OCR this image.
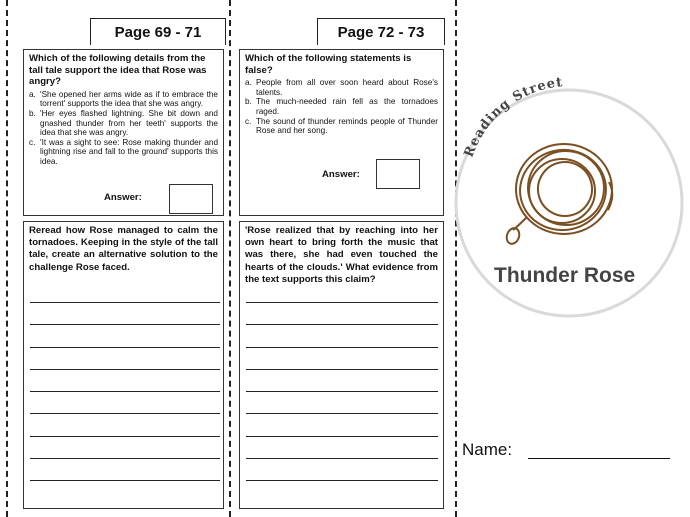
Page 69 - 71
Which of the following details from the tall tale support the idea that Rose was angry?
a. 'She opened her arms wide as if to embrace the torrent' supports the idea that she was angry.
b. 'Her eyes flashed lightning. She bit down and gnashed thunder from her teeth' supports the idea that she was angry.
c. 'It was a sight to see: Rose making thunder and lightning rise and fall to the ground' supports this idea.
Answer:
Reread how Rose managed to calm the tornadoes. Keeping in the style of the tall tale, create an alternative solution to the challenge Rose faced.
Page 72 - 73
Which of the following statements is false?
a. People from all over soon heard about Rose's talents.
b. The much-needed rain fell as the tornadoes raged.
c. The sound of thunder reminds people of Thunder Rose and her song.
Answer:
'Rose realized that by reaching into her own heart to bring forth the music that was there, she had even touched the hearts of the clouds.' What evidence from the text supports this claim?
Reading Street
Thunder Rose
Name:
